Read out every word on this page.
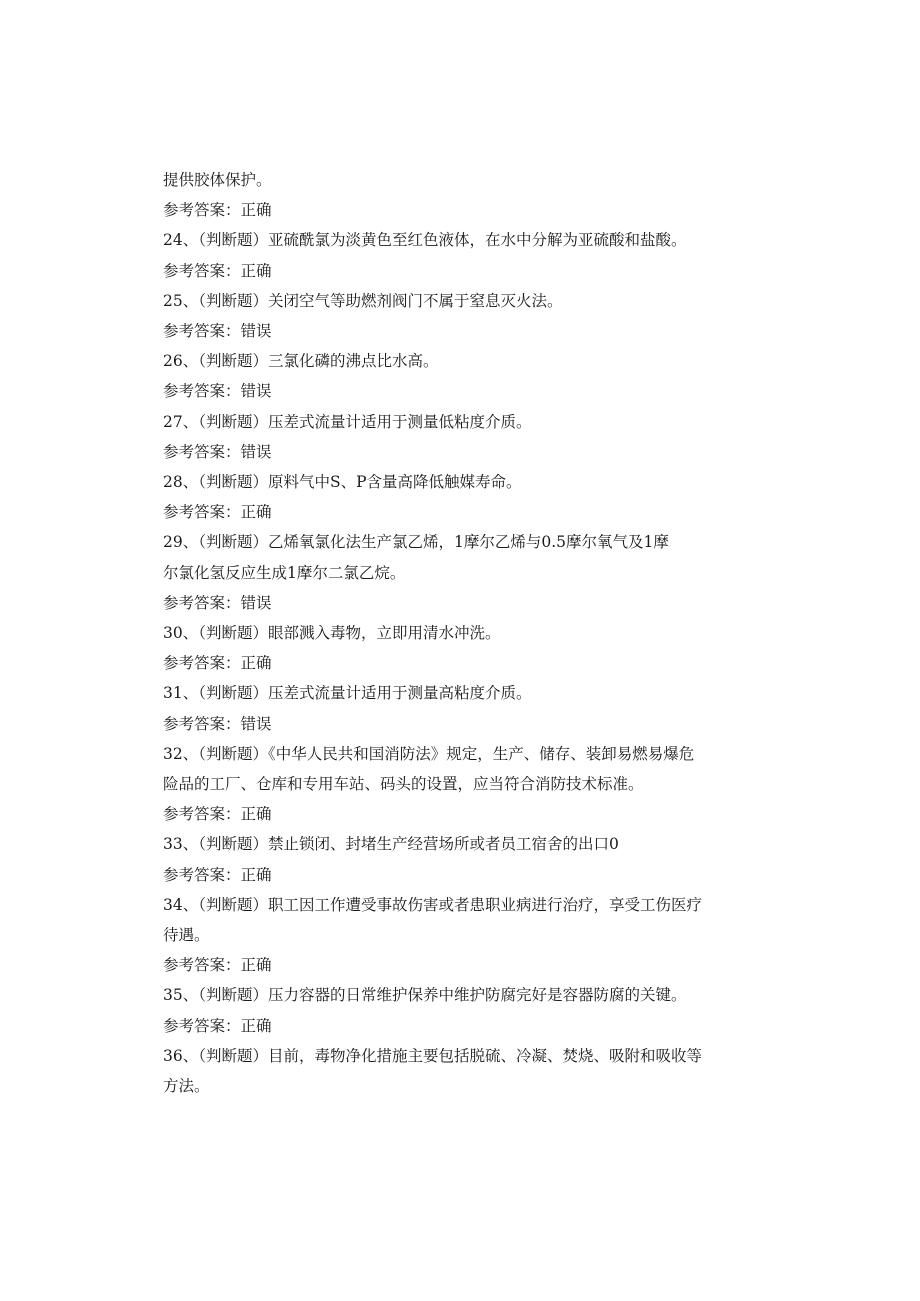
提供胶体保护。
参考答案：正确
24、（判断题）亚硫酰氯为淡黄色至红色液体，在水中分解为亚硫酸和盐酸。
参考答案：正确
25、（判断题）关闭空气等助燃剂阀门不属于窒息灭火法。
参考答案：错误
26、（判断题）三氯化磷的沸点比水高。
参考答案：错误
27、（判断题）压差式流量计适用于测量低粘度介质。
参考答案：错误
28、（判断题）原料气中S、P含量高降低触媒寿命。
参考答案：正确
29、（判断题）乙烯氧氯化法生产氯乙烯，1摩尔乙烯与0.5摩尔氧气及1摩
尔氯化氢反应生成1摩尔二氯乙烷。
参考答案：错误
30、（判断题）眼部溅入毒物，立即用清水冲洗。
参考答案：正确
31、（判断题）压差式流量计适用于测量高粘度介质。
参考答案：错误
32、（判断题）《中华人民共和国消防法》规定，生产、储存、装卸易燃易爆危
险品的工厂、仓库和专用车站、码头的设置，应当符合消防技术标准。
参考答案：正确
33、（判断题）禁止锁闭、封堵生产经营场所或者员工宿舍的出口0
参考答案：正确
34、（判断题）职工因工作遭受事故伤害或者患职业病进行治疗，享受工伤医疗
待遇。
参考答案：正确
35、（判断题）压力容器的日常维护保养中维护防腐完好是容器防腐的关键。
参考答案：正确
36、（判断题）目前，毒物净化措施主要包括脱硫、冷凝、焚烧、吸附和吸收等
方法。
